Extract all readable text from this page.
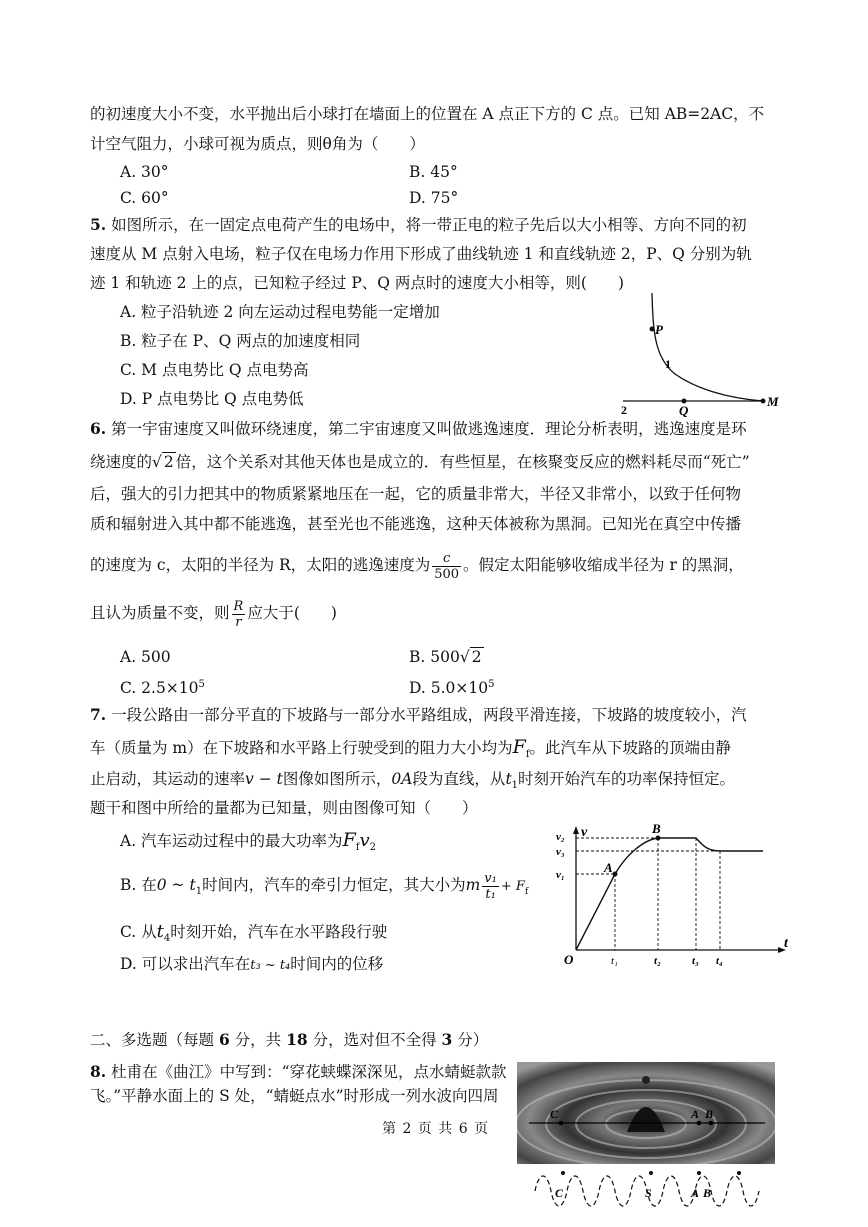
的初速度大小不变，水平抛出后小球打在墙面上的位置在 A 点正下方的 C 点。已知 AB=2AC，不
计空气阻力，小球可视为质点，则θ角为（　　）
A. 30°	B. 45°
C. 60°	D. 75°
5. 如图所示，在一固定点电荷产生的电场中，将一带正电的粒子先后以大小相等、方向不同的初
速度从 M 点射入电场，粒子仅在电场力作用下形成了曲线轨迹 1 和直线轨迹 2，P、Q 分别为轨
迹 1 和轨迹 2 上的点，已知粒子经过 P、Q 两点时的速度大小相等，则(　　)
A. 粒子沿轨迹 2 向左运动过程电势能一定增加
B. 粒子在 P、Q 两点的加速度相同
C. M 点电势比 Q 点电势高
D. P 点电势比 Q 点电势低
P
1
2	Q
M
6. 第一宇宙速度又叫做环绕速度，第二宇宙速度又叫做逃逸速度．理论分析表明，逃逸速度是环
绕速度的√ 2 倍，这个关系对其他天体也是成立的．有些恒星，在核聚变反应的燃料耗尽而“死亡”
后，强大的引力把其中的物质紧紧地压在一起，它的质量非常大，半径又非常小，以致于任何物
质和辐射进入其中都不能逃逸，甚至光也不能逃逸，这种天体被称为黑洞。已知光在真空中传播
的速度为 c，太阳的半径为 R，太阳的逃逸速度为 $\frac{c}{500}$ 。假定太阳能够收缩成半径为 r 的黑洞，
且认为质量不变，则 $\frac{R}{r}$ 应大于(　　)
A. 500	B. 500√ 2
C. $2.5\times 10^5$	D. $5.0\times 10^5$
7. 一段公路由一部分平直的下坡路与一部分水平路组成，两段平滑连接，下坡路的坡度较小，汽
车（质量为 m）在下坡路和水平路上行驶受到的阻力大小均为$F_f$。此汽车从下坡路的顶端由静
止启动，其运动的速率v − t图像如图所示，0A段为直线，从$t_1$时刻开始汽车的功率保持恒定。
题干和图中所给的量都为已知量，则由图像可知（　　）
A. 汽车运动过程中的最大功率为$F_fv_2$
B. 在0 ~ $t_1$时间内，汽车的牵引力恒定，其大小为m $\frac{\text{v₁}}{\text{t₁}} + F_f$
C. 从$t_4$时刻开始，汽车在水平路段行驶
D. 可以求出汽车在t₃ ~ t₄时间内的位移
v
t
O
v₂
v₃
v₁
t₁	t₂	t₃ t₄
A
B
二、多选题（每题 6 分，共 18 分，选对但不全得 3 分）
8. 杜甫在《曲江》中写到：“穿花蛱蝶深深见，点水蜻蜓款款
飞。”平静水面上的 S 处，“蜻蜓点水”时形成一列水波向四周
C	A B
C	S	A B
第 2 页 共 6 页
